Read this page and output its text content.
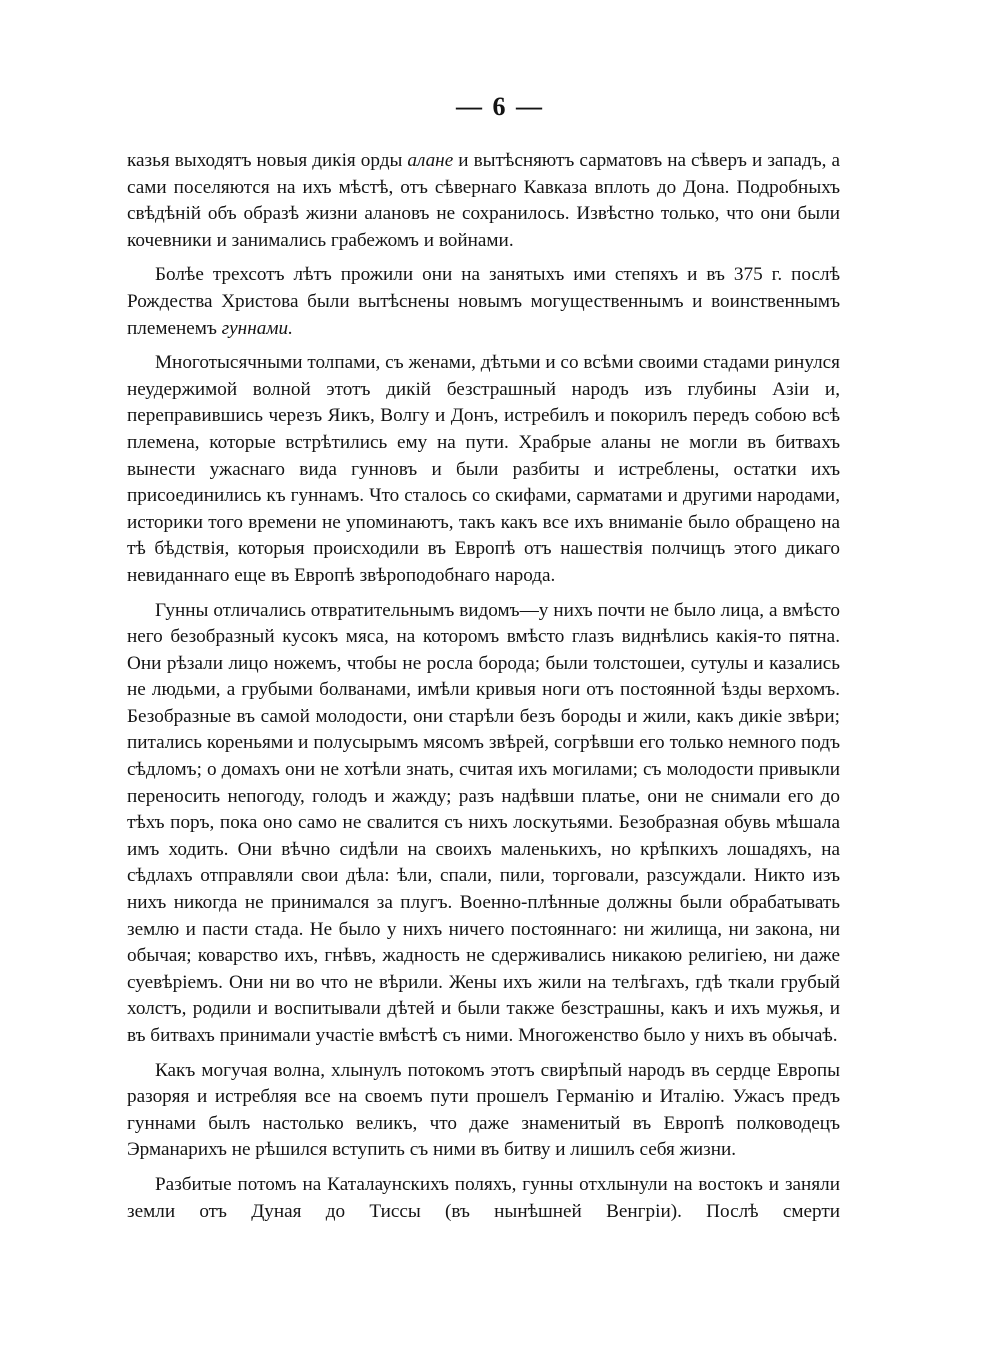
— 6 —

казья выходятъ новыя дикія орды алане и вытѣсняютъ сарматовъ на сѣверъ и западъ, а сами поселяются на ихъ мѣстѣ, отъ сѣвернаго Кавказа вплоть до Дона. Подробныхъ свѣдѣній объ образѣ жизни алановъ не сохранилось. Извѣстно только, что они были кочевники и занимались грабежомъ и войнами.

Болѣе трехсотъ лѣтъ прожили они на занятыхъ ими степяхъ и въ 375 г. послѣ Рождества Христова были вытѣснены новымъ могущественнымъ и воинственнымъ племенемъ гуннами.

Многотысячными толпами, съ женами, дѣтьми и со всѣми своими стадами ринулся неудержимой волной этотъ дикій безстрашный народъ изъ глубины Азіи и, переправившись черезъ Яикъ, Волгу и Донъ, истребилъ и покорилъ передъ собою всѣ племена, которые встрѣтились ему на пути. Храбрые аланы не могли въ битвахъ вынести ужаснаго вида гунновъ и были разбиты и истреблены, остатки ихъ присоединились къ гуннамъ. Что сталось со скифами, сарматами и другими народами, историки того времени не упоминаютъ, такъ какъ все ихъ вниманіе было обращено на тѣ бѣдствія, которыя происходили въ Европѣ отъ нашествія полчищъ этого дикаго невиданнаго еще въ Европѣ звѣроподобнаго народа.

Гунны отличались отвратительнымъ видомъ—у нихъ почти не было лица, а вмѣсто него безобразный кусокъ мяса, на которомъ вмѣсто глазъ виднѣлись какія-то пятна. Они рѣзали лицо ножемъ, чтобы не росла борода; были толстошеи, сутулы и казались не людьми, а грубыми болванами, имѣли кривыя ноги отъ постоянной ѣзды верхомъ. Безобразные въ самой молодости, они старѣли безъ бороды и жили, какъ дикіе звѣри; питались кореньями и полусырымъ мясомъ звѣрей, согрѣвши его только немного подъ сѣдломъ; о домахъ они не хотѣли знать, считая ихъ могилами; съ молодости привыкли переносить непогоду, голодъ и жажду; разъ надѣвши платье, они не снимали его до тѣхъ поръ, пока оно само не свалится съ нихъ лоскутьями. Безобразная обувь мѣшала имъ ходить. Они вѣчно сидѣли на своихъ маленькихъ, но крѣпкихъ лошадяхъ, на сѣдлахъ отправляли свои дѣла: ѣли, спали, пили, торговали, разсуждали. Никто изъ нихъ никогда не принимался за плугъ. Военно-плѣнные должны были обрабатывать землю и пасти стада. Не было у нихъ ничего постояннаго: ни жилища, ни закона, ни обычая; коварство ихъ, гнѣвъ, жадность не сдерживались никакою религіею, ни даже суевѣріемъ. Они ни во что не вѣрили. Жены ихъ жили на телѣгахъ, гдѣ ткали грубый холстъ, родили и воспитывали дѣтей и были также безстрашны, какъ и ихъ мужья, и въ битвахъ принимали участіе вмѣстѣ съ ними. Многоженство было у нихъ въ обычаѣ.

Какъ могучая волна, хлынулъ потокомъ этотъ свирѣпый народъ въ сердце Европы разоряя и истребляя все на своемъ пути прошелъ Германію и Италію. Ужасъ предъ гуннами былъ настолько великъ, что даже знаменитый въ Европѣ полководецъ Эрманарихъ не рѣшился вступить съ ними въ битву и лишилъ себя жизни.

Разбитые потомъ на Каталаунскихъ поляхъ, гунны отхлынули на востокъ и заняли земли отъ Дуная до Тиссы (въ нынѣшней Венгріи). Послѣ смерти
